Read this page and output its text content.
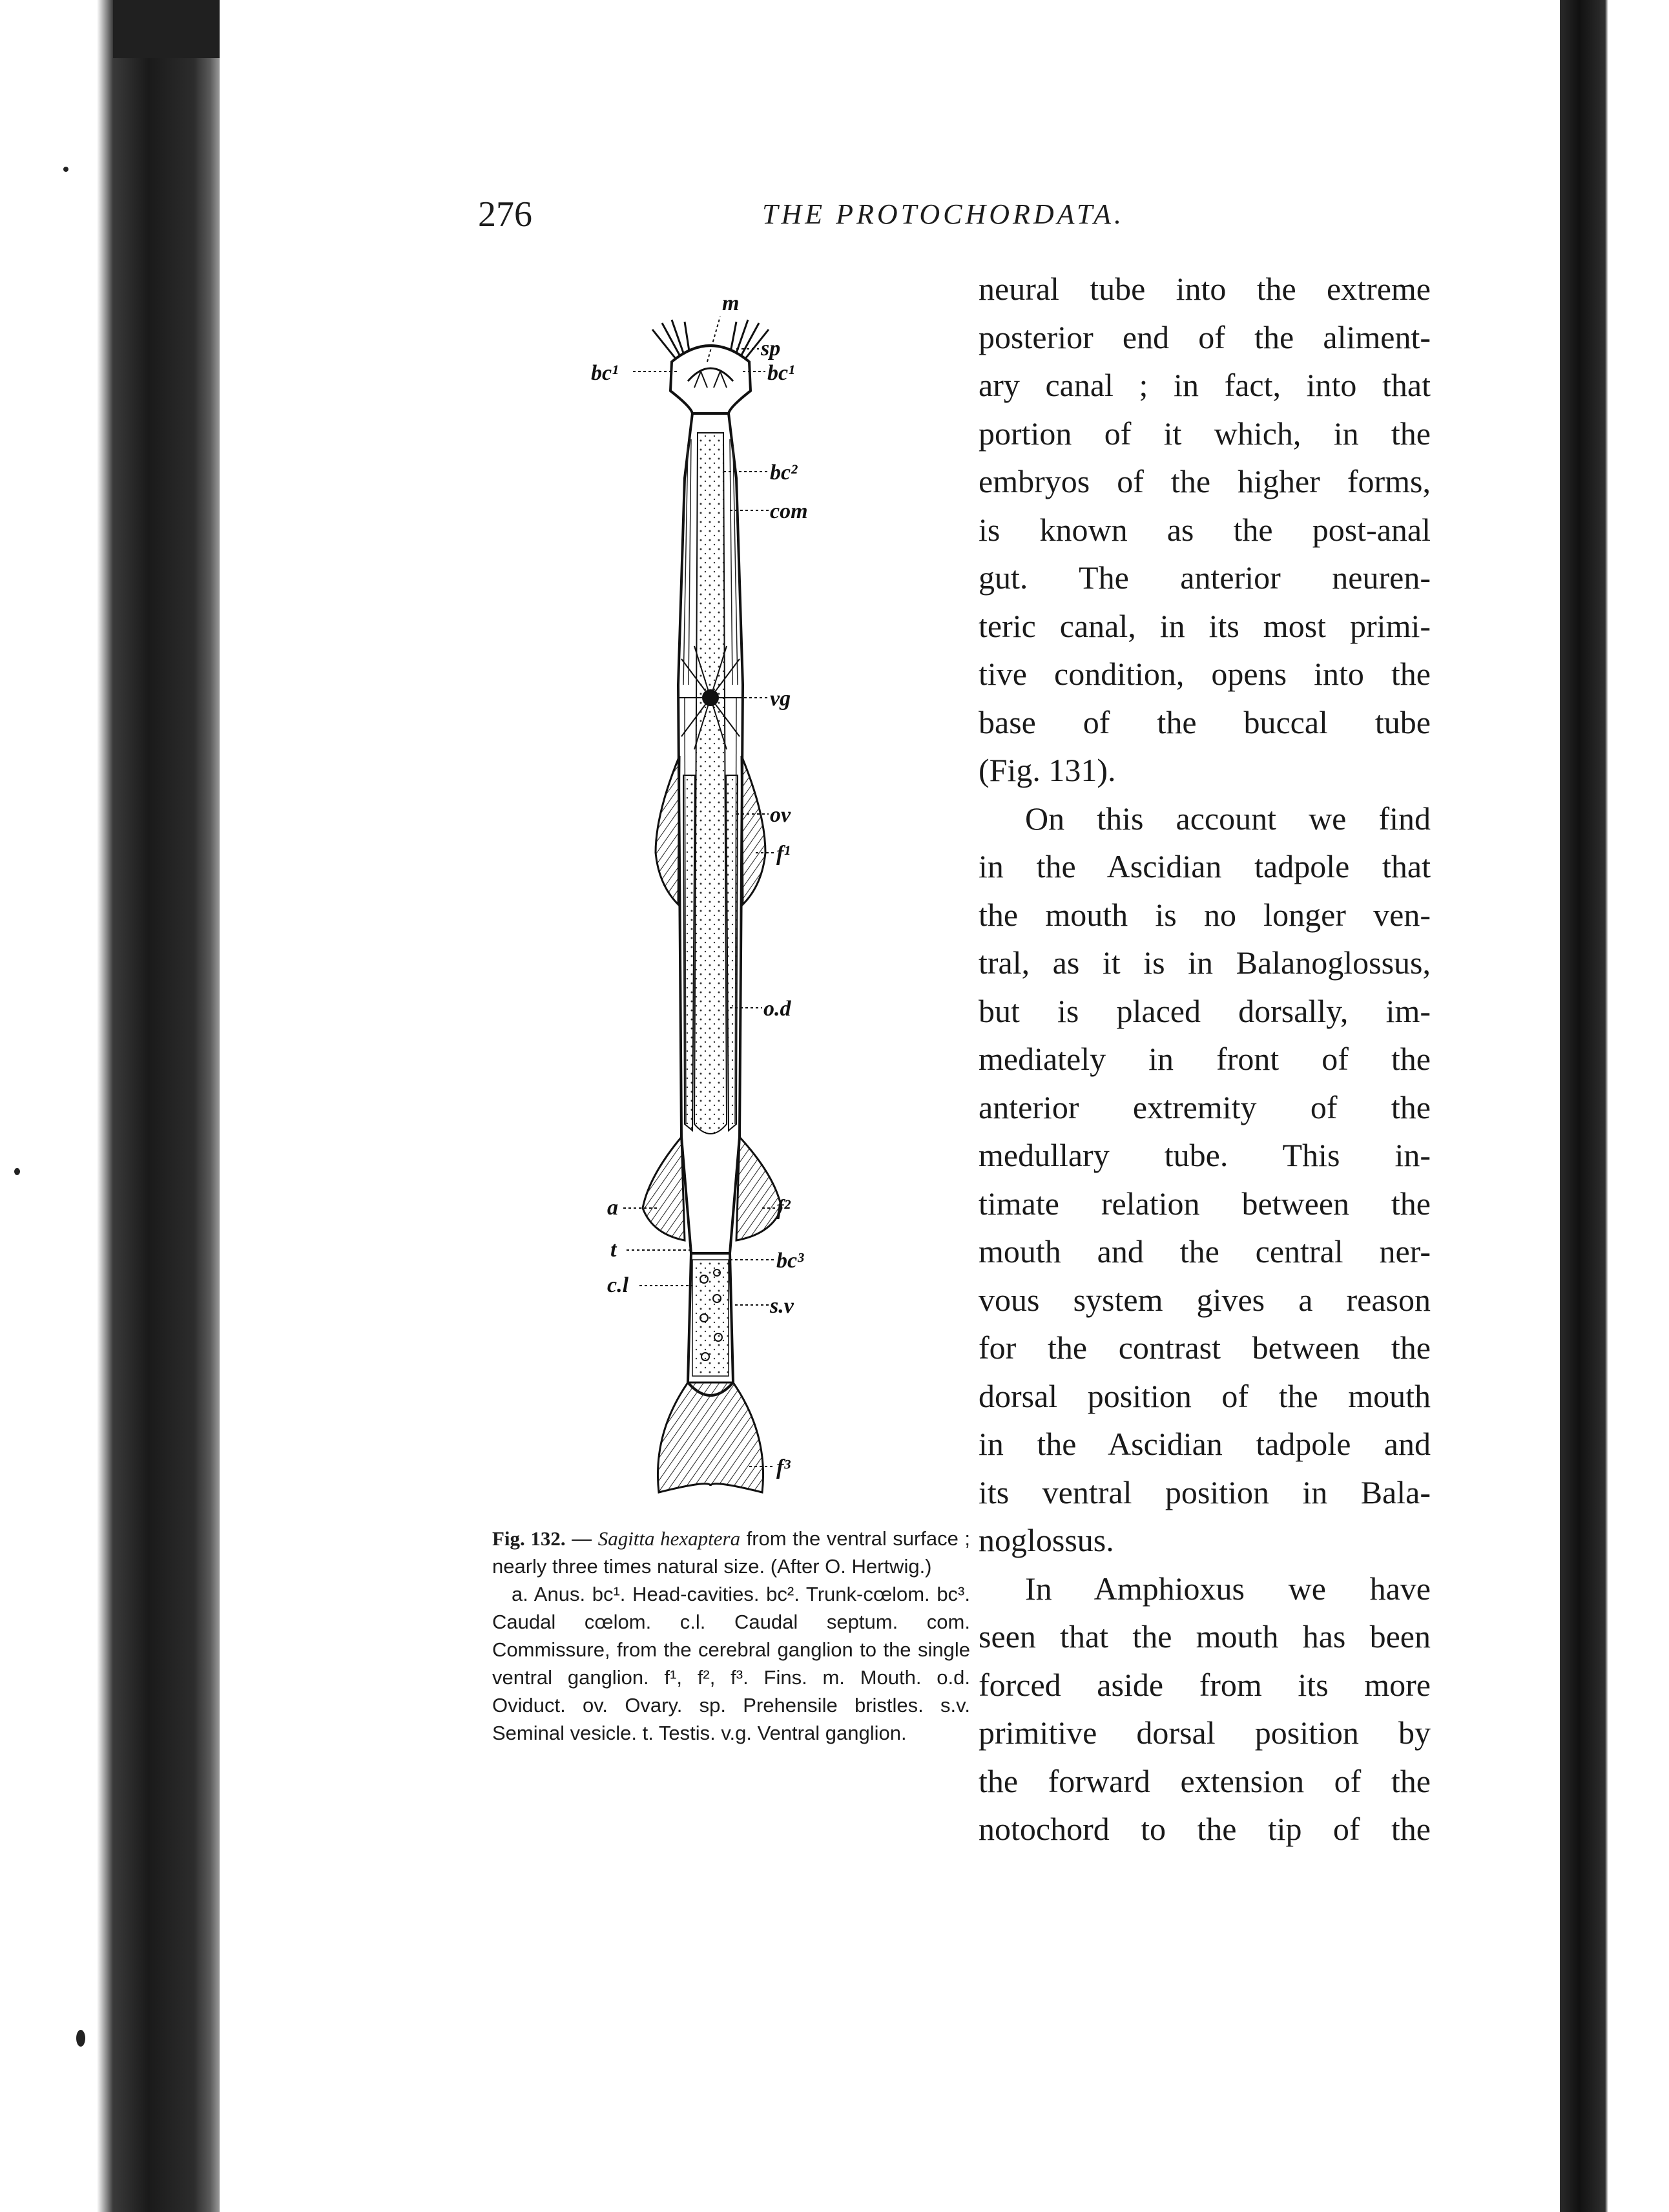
276	THE PROTOCHORDATA.
m
sp
bc¹	bc¹
bc²
com
vg
ov
f¹
o.d
a	f²
t	bc³
c.l
s.v
f³

Fig. 132. — Sagitta hexaptera from the ventral surface ; nearly three times natural size. (After O. Hertwig.)

a. Anus. bc¹. Head-cavities. bc². Trunk-cœlom. bc³. Caudal cœlom. c.l. Caudal septum. com. Commissure, from the cerebral ganglion to the single ventral ganglion. f¹, f², f³. Fins. m. Mouth. o.d. Oviduct. ov. Ovary. sp. Prehensile bristles. s.v. Seminal vesicle. t. Testis. v.g. Ventral ganglion.

neural tube into the extreme
posterior end of the aliment-
ary canal ; in fact, into that
portion of it which, in the
embryos of the higher forms,
is known as the post-anal
gut. The anterior neuren-
teric canal, in its most primi-
tive condition, opens into the
base of the buccal tube
(Fig. 131).
On this account we find
in the Ascidian tadpole that
the mouth is no longer ven-
tral, as it is in Balanoglossus,
but is placed dorsally, im-
mediately in front of the
anterior extremity of the
medullary tube. This in-
timate relation between the
mouth and the central ner-
vous system gives a reason
for the contrast between the
dorsal position of the mouth
in the Ascidian tadpole and
its ventral position in Bala-
noglossus.
In Amphioxus we have
seen that the mouth has been
forced aside from its more
primitive dorsal position by
the forward extension of the
notochord to the tip of the
